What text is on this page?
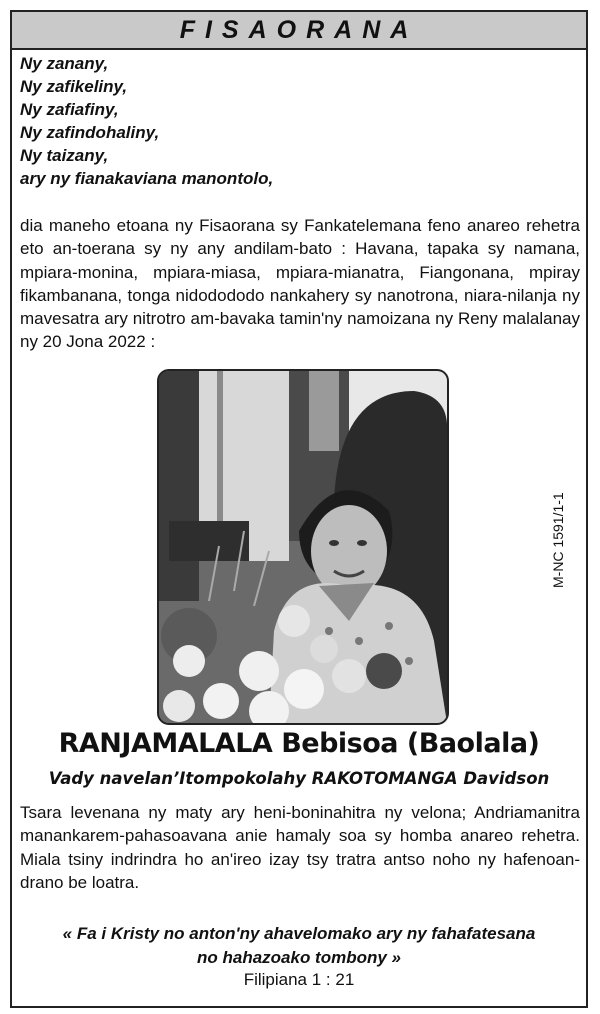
FISAORANA
Ny zanany,
Ny zafikeliny,
Ny zafiafiny,
Ny zafindohaliny,
Ny taizany,
ary ny fianakaviana manontolo,
dia maneho etoana ny Fisaorana sy Fankatelemana feno anareo rehetra eto an-toerana sy ny any andilam-bato : Havana, tapaka sy namana, mpiara-monina, mpiara-miasa, mpiara-mianatra, Fiangonana, mpiray fikambanana, tonga nidodododo nankahery sy nanotrona, niara-nilanja ny mavesatra ary nitrotro am-bavaka tamin'ny namoizana ny Reny malalanay ny 20 Jona 2022 :
RANJAMALALA Bebisoa (Baolala)
Vady navelan’Itompokolahy RAKOTOMANGA Davidson
Tsara levenana ny maty ary heni-boninahitra ny velona; Andriamanitra manankarem-pahasoavana anie hamaly soa sy homba anareo rehetra. Miala tsiny indrindra ho an'ireo izay tsy tratra antso noho ny hafenoan-drano be loatra.
« Fa i Kristy no anton'ny ahavelomako ary ny fahafatesana
no hahazoako tombony »
Filipiana 1 : 21
M-NC 1591/1-1
